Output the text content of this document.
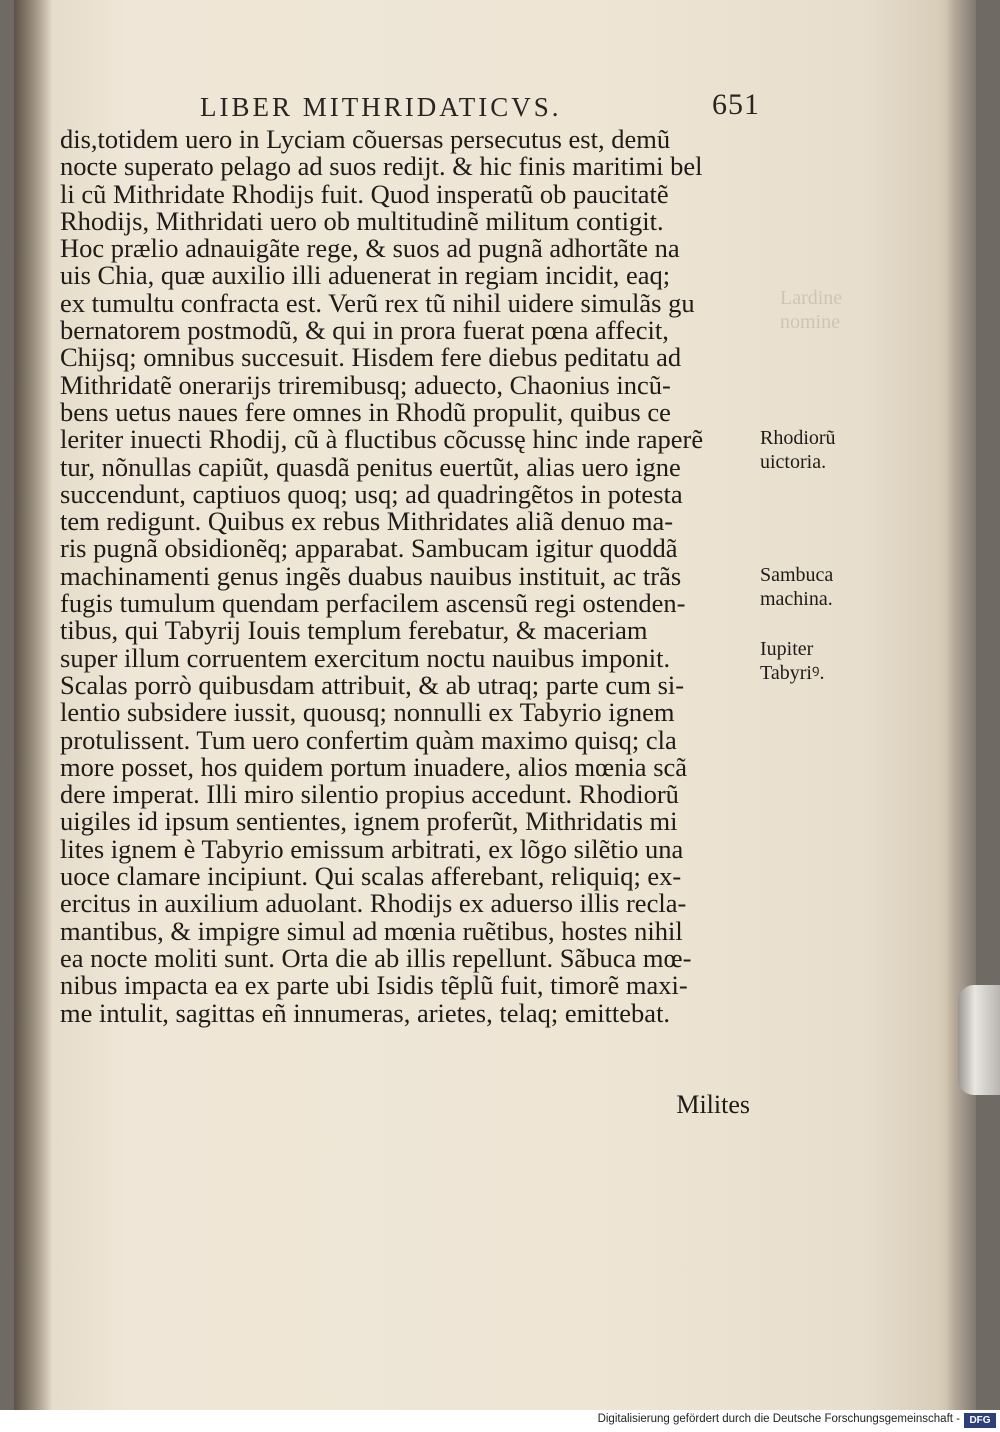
LIBER MITHRIDATICVS.	651
Lardine
nomine
dis,totidem uero in Lyciam cõuersas persecutus est, demũ
nocte superato pelago ad suos rediјt. & hic finis maritimi bel
li cũ Mithridate Rhodijs fuit. Quod insperatũ ob paucitatẽ
Rhodijs, Mithridati uero ob multitudinẽ militum contigit.
Hoc prælio adnauigãte rege, & suos ad pugnã adhortãte na
uis Chia, quæ auxilio illi aduenerat in regiam incidit, eaq;
ex tumultu confracta est. Verũ rex tũ nihil uidere simulãs gu
bernatorem postmodũ, & qui in prora fuerat pœna affecit,
Chijsq; omnibus succesuit. Hisdem fere diebus peditatu ad
Mithridatẽ onerarijs triremibusq; aduecto, Chaonius incũ-
bens uetus naues fere omnes in Rhodũ propulit, quibus ce
leriter inuecti Rhodij, cũ à fluctibus cõcussę hinc inde raperẽ
tur, nõnullas capiũt, quasdã penitus euertũt, alias uero igne
succendunt, captiuos quoq; usq; ad quadringẽtos in potesta
tem redigunt. Quibus ex rebus Mithridates aliã denuo ma-
ris pugnã obsidionẽq; apparabat. Sambucam igitur quoddã
machinamenti genus ingẽs duabus nauibus instituit, ac trãs
fugis tumulum quendam perfacilem ascensũ regi ostenden-
tibus, qui Tabyrij Iouis templum ferebatur, & maceriam
super illum corruentem exercitum noctu nauibus imponit.
Scalas porrò quibusdam attribuit, & ab utraq; parte cum si-
lentio subsidere iussit, quousq; nonnulli ex Tabyrio ignem
protulissent. Tum uero confertim quàm maximo quisq; cla
more posset, hos quidem portum inuadere, alios mœnia scã
dere imperat. Illi miro silentio propius accedunt. Rhodiorũ
uigiles id ipsum sentientes, ignem proferũt, Mithridatis mi
lites ignem è Tabyrio emissum arbitrati, ex lõgo silẽtio una
uoce clamare incipiunt. Qui scalas afferebant, reliquiq; ex-
ercitus in auxilium aduolant. Rhodijs ex aduerso illis recla-
mantibus, & impigre simul ad mœnia ruẽtibus, hostes nihil
ea nocte moliti sunt. Orta die ab illis repellunt. Sãbuca mœ-
nibus impacta ea ex parte ubi Isidis tẽplũ fuit, timorẽ maxi-
me intulit, sagittas eñ innumeras, arietes, telaq; emittebat.
Milites
Rhodiorũ
uictoria.
Sambuca
machina.
Iupiter
Tabyriꝰ.
Digitalisierung gefördert durch die Deutsche Forschungsgemeinschaft - DFG
